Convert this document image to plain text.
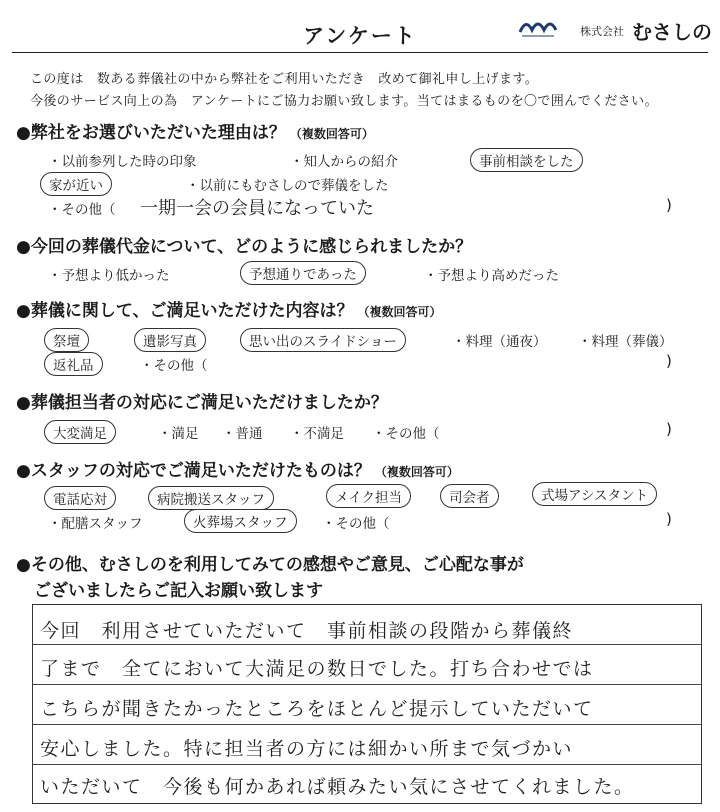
アンケート	株式会社 むさしの
この度は　数ある葬儀社の中から弊社をご利用いただき　改めて御礼申し上げます。
今後のサービス向上の為　アンケートにご協力お願い致します。当てはまるものを〇で囲んでください。
●弊社をお選びいただいた理由は？ （複数回答可）
・以前参列した時の印象	・知人からの紹介	事前相談をした
家が近い	・以前にもむさしので葬儀をした
・その他（ 一期一会の会員になっていた	)
●今回の葬儀代金について、どのように感じられましたか？
・予想より低かった	予想通りであった	・予想より高めだった
●葬儀に関して、ご満足いただけた内容は？ （複数回答可）
祭壇	遺影写真	思い出のスライドショー	・料理（通夜） ・料理（葬儀）
返礼品	・その他（	)
●葬儀担当者の対応にご満足いただけましたか？
大変満足	・満足 ・普通 ・不満足 ・その他（	)
●スタッフの対応でご満足いただけたものは？ （複数回答可）
電話応対	病院搬送スタッフ	メイク担当	司会者	式場アシスタント
・配膳スタッフ	火葬場スタッフ	・その他（	)
●その他、むさしのを利用してみての感想やご意見、ご心配な事が
ございましたらご記入お願い致します
今回　利用させていただいて　事前相談の段階から葬儀終
了まで　全てにおいて大満足の数日でした。打ち合わせでは
こちらが聞きたかったところをほとんど提示していただいて
安心しました。特に担当者の方には細かい所まで気づかい
いただいて　今後も何かあれば頼みたい気にさせてくれました。
